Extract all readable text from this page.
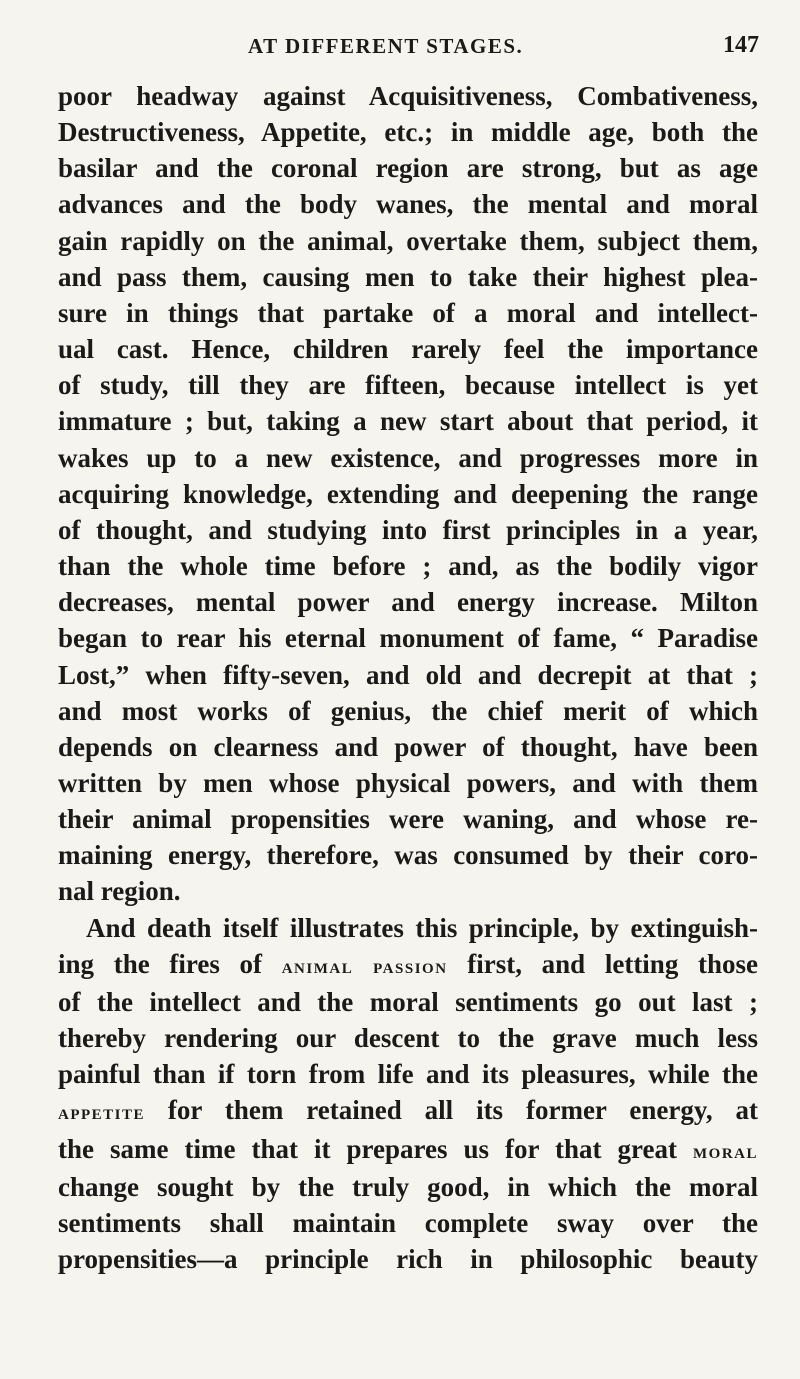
AT DIFFERENT STAGES.	147
poor headway against Acquisitiveness, Combativeness,
Destructiveness, Appetite, etc.; in middle age, both the
basilar and the coronal region are strong, but as age
advances and the body wanes, the mental and moral
gain rapidly on the animal, overtake them, subject them,
and pass them, causing men to take their highest plea-
sure in things that partake of a moral and intellect-
ual cast. Hence, children rarely feel the importance
of study, till they are fifteen, because intellect is yet
immature ; but, taking a new start about that period, it
wakes up to a new existence, and progresses more in
acquiring knowledge, extending and deepening the range
of thought, and studying into first principles in a year,
than the whole time before ; and, as the bodily vigor
decreases, mental power and energy increase. Milton
began to rear his eternal monument of fame, “ Paradise
Lost,” when fifty-seven, and old and decrepit at that ;
and most works of genius, the chief merit of which
depends on clearness and power of thought, have been
written by men whose physical powers, and with them
their animal propensities were waning, and whose re-
maining energy, therefore, was consumed by their coro-
nal region.
And death itself illustrates this principle, by extinguish-
ing the fires of animal passion first, and letting those
of the intellect and the moral sentiments go out last ;
thereby rendering our descent to the grave much less
painful than if torn from life and its pleasures, while the
appetite for them retained all its former energy, at
the same time that it prepares us for that great moral
change sought by the truly good, in which the moral
sentiments shall maintain complete sway over the
propensities—a principle rich in philosophic beauty
